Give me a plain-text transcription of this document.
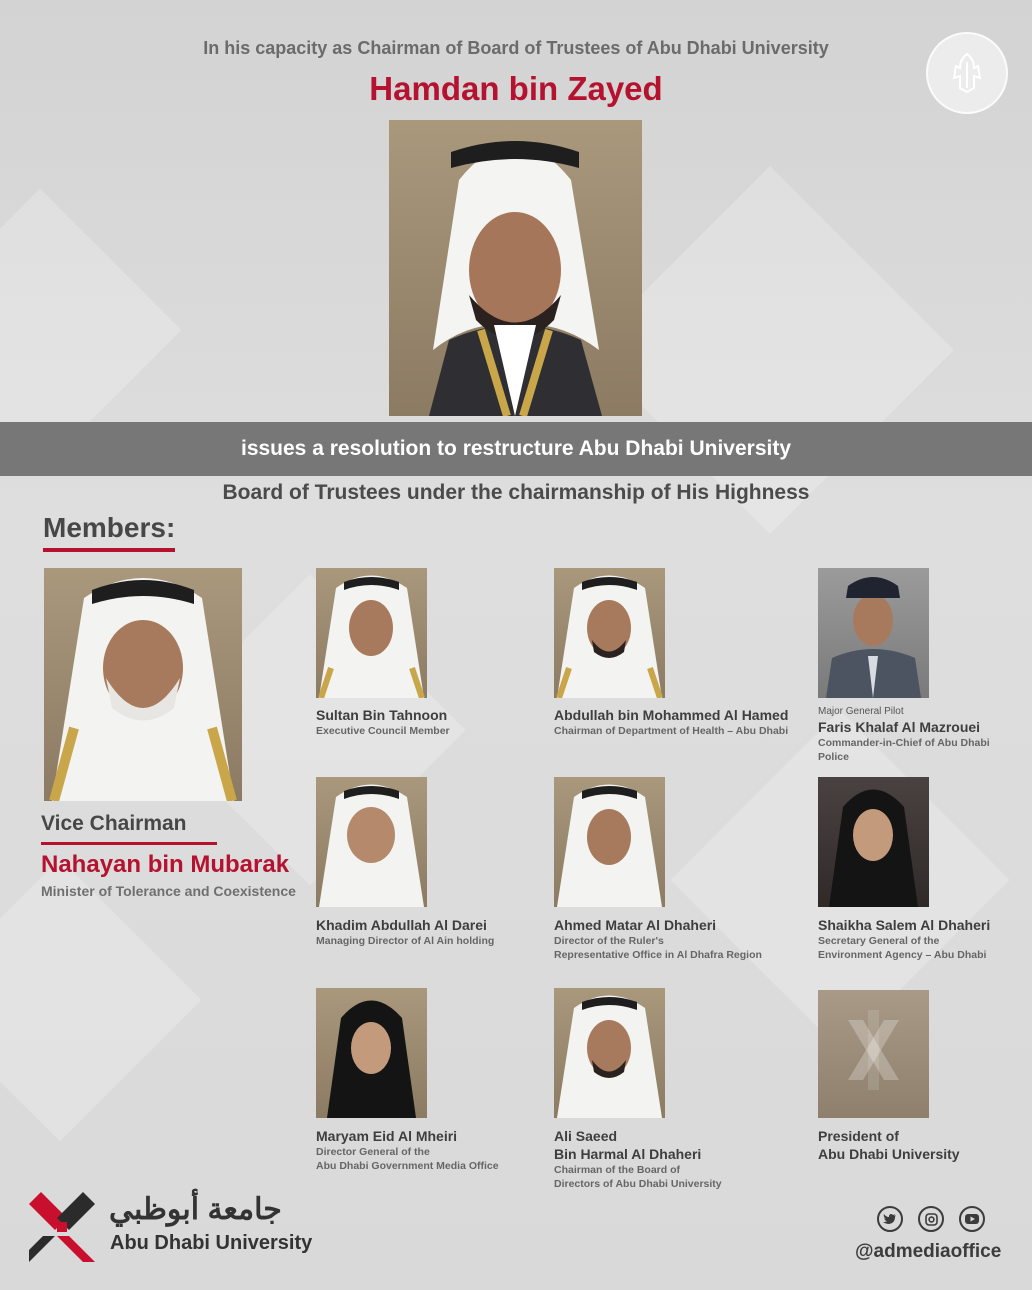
In his capacity as Chairman of Board of Trustees of Abu Dhabi University
Hamdan bin Zayed
issues a resolution to restructure Abu Dhabi University
Board of Trustees under the chairmanship of His Highness
Members:
Vice Chairman
Nahayan bin Mubarak
Minister of Tolerance and Coexistence
Sultan Bin Tahnoon
Executive Council Member
Abdullah bin Mohammed Al Hamed
Chairman of Department of Health – Abu Dhabi
Major General Pilot
Faris Khalaf Al Mazrouei
Commander-in-Chief of Abu Dhabi Police
Khadim Abdullah Al Darei
Managing Director of Al Ain holding
Ahmed Matar Al Dhaheri
Director of the Ruler's
Representative Office in Al Dhafra Region
Shaikha Salem Al Dhaheri
Secretary General of the
Environment Agency – Abu Dhabi
Maryam Eid Al Mheiri
Director General of the
Abu Dhabi Government Media Office
Ali Saeed
Bin Harmal Al Dhaheri
Chairman of the Board of
Directors of Abu Dhabi University
President of
Abu Dhabi University
جامعة أبوظبي
Abu Dhabi University	@admediaoffice
